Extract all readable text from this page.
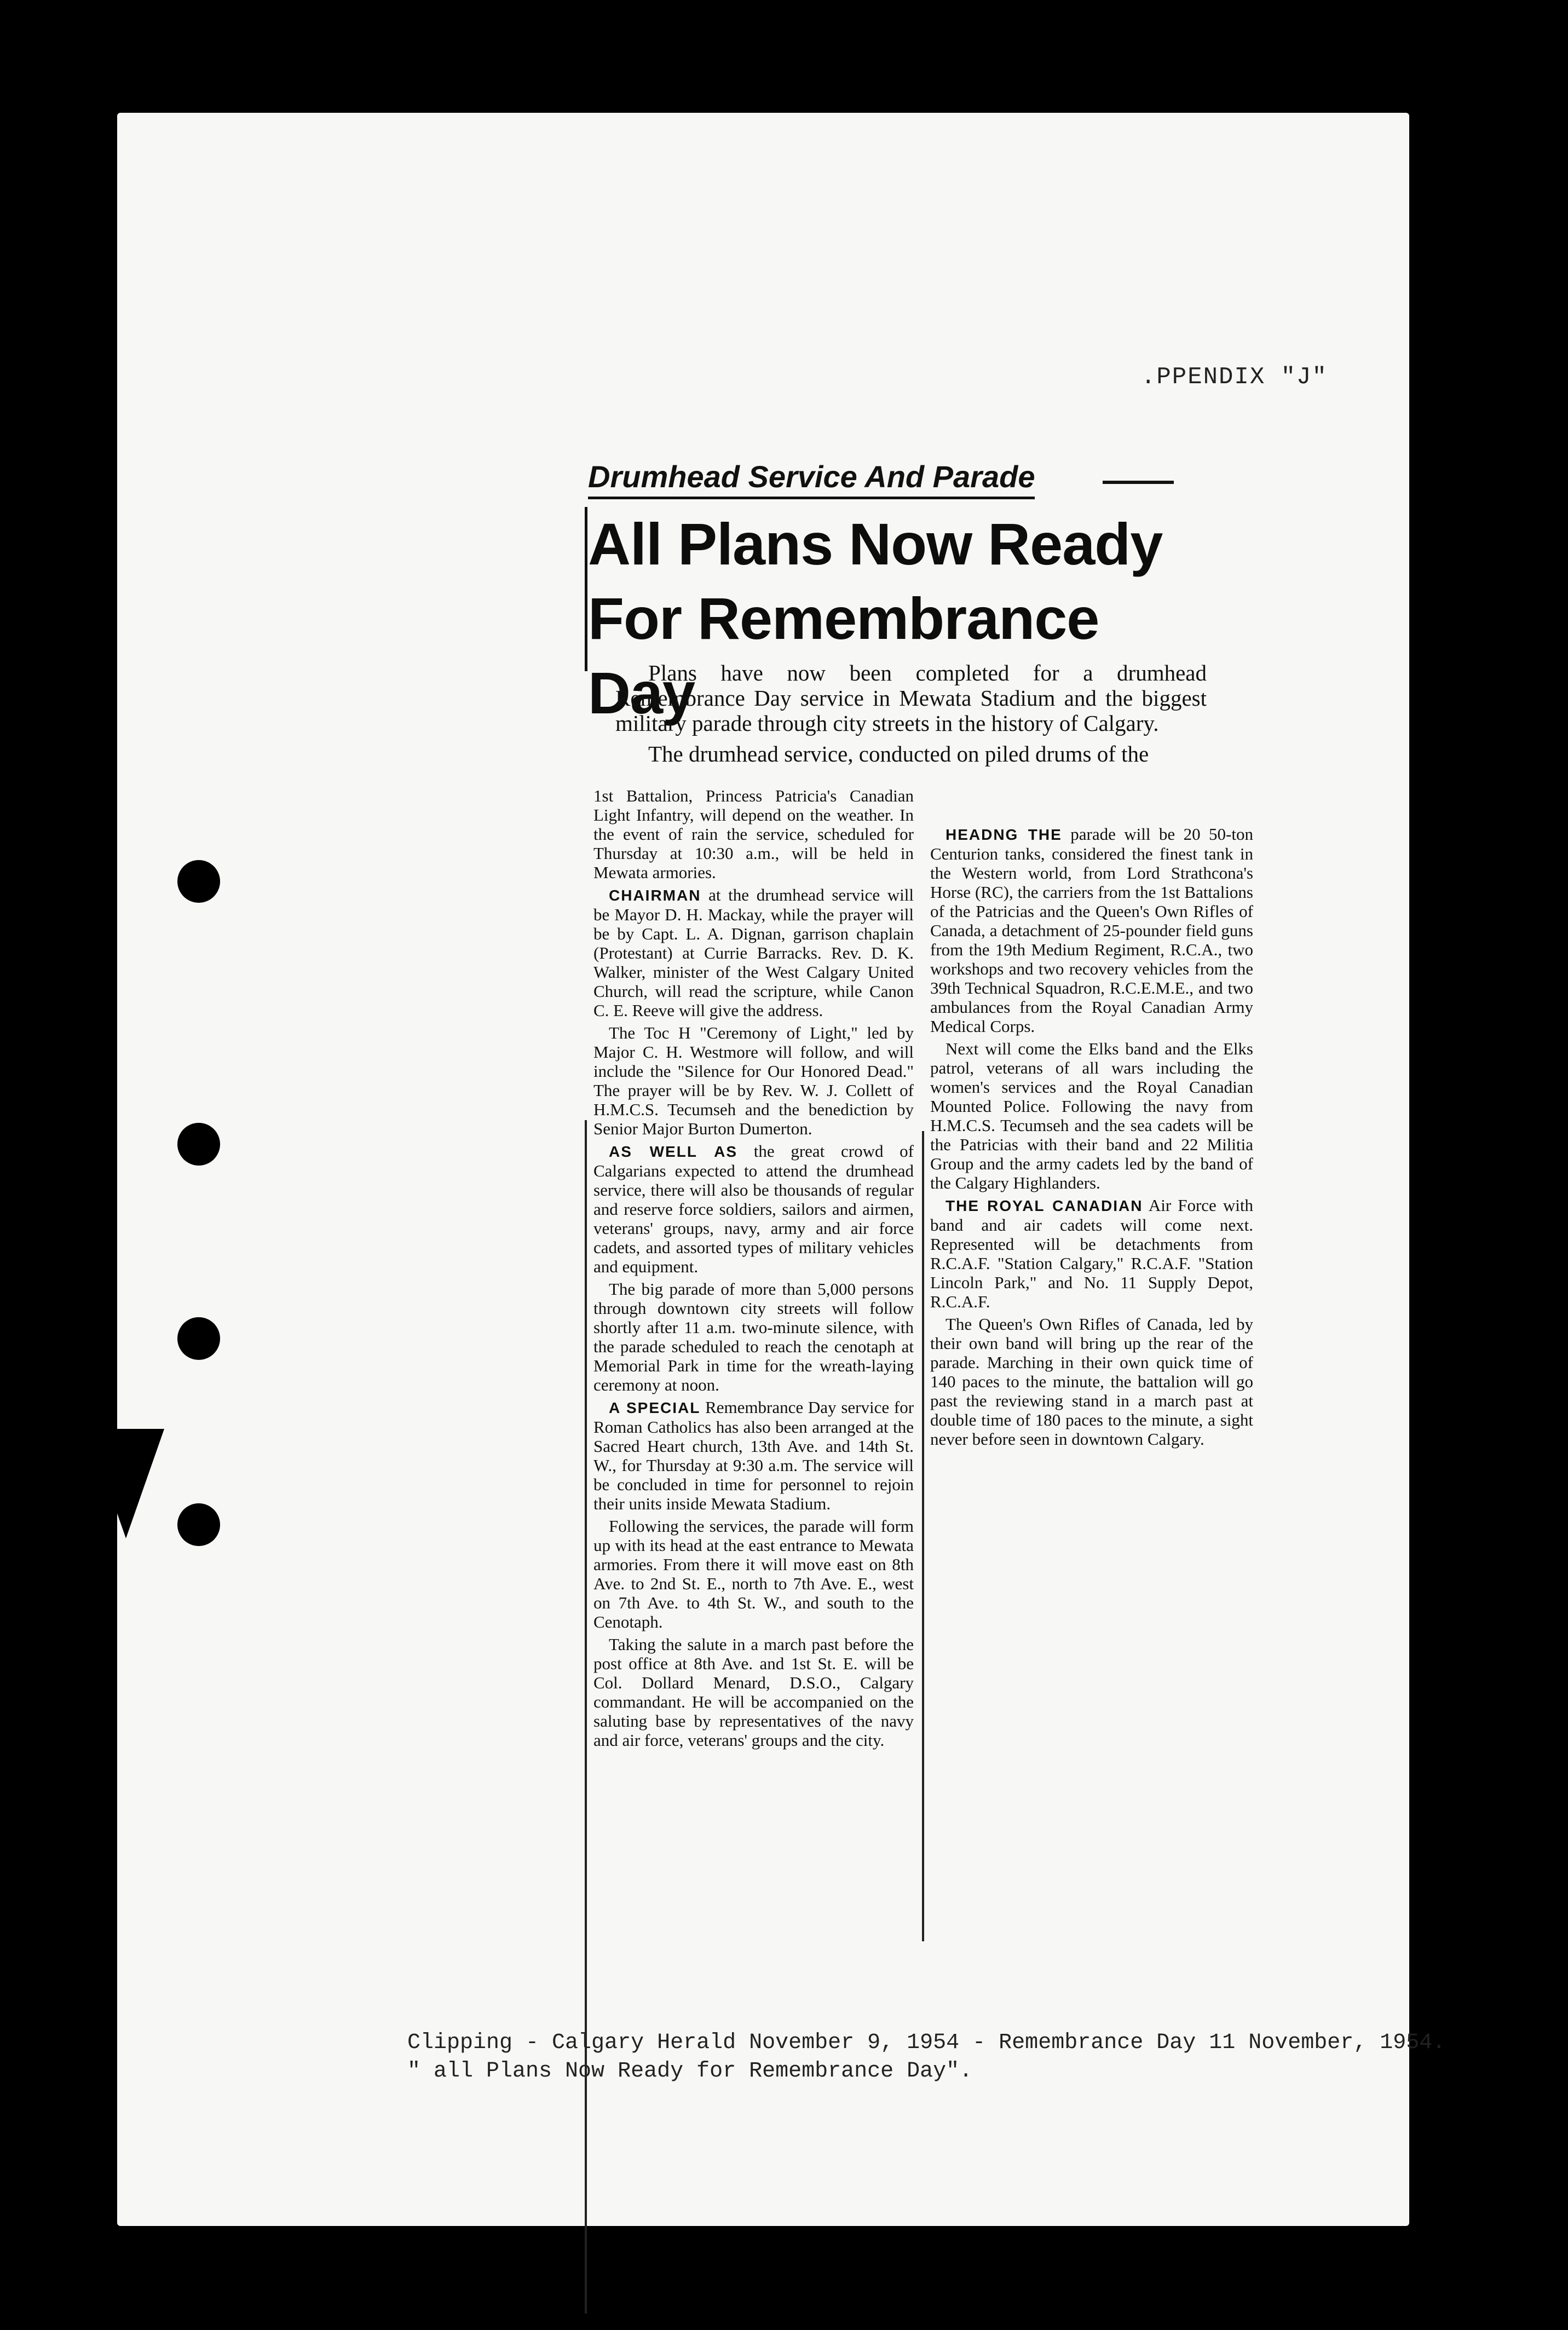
.PPENDIX "J"
Drumhead Service And Parade
All Plans Now Ready
For Remembrance Day

Plans have now been completed for a drumhead Remembrance Day service in Mewata Stadium and the biggest military parade through city streets in the history of Calgary.

The drumhead service, conducted on piled drums of the

1st Battalion, Princess Patricia's Canadian Light Infantry, will depend on the weather. In the event of rain the service, scheduled for Thursday at 10:30 a.m., will be held in Mewata armories.

CHAIRMAN at the drumhead service will be Mayor D. H. Mackay, while the prayer will be by Capt. L. A. Dignan, garrison chaplain (Protestant) at Currie Barracks. Rev. D. K. Walker, minister of the West Calgary United Church, will read the scripture, while Canon C. E. Reeve will give the address.

The Toc H "Ceremony of Light," led by Major C. H. Westmore will follow, and will include the "Silence for Our Honored Dead." The prayer will be by Rev. W. J. Collett of H.M.C.S. Tecumseh and the benediction by Senior Major Burton Dumerton.

AS WELL AS the great crowd of Calgarians expected to attend the drumhead service, there will also be thousands of regular and reserve force soldiers, sailors and airmen, veterans' groups, navy, army and air force cadets, and assorted types of military vehicles and equipment.

The big parade of more than 5,000 persons through downtown city streets will follow shortly after 11 a.m. two-minute silence, with the parade scheduled to reach the cenotaph at Memorial Park in time for the wreath-laying ceremony at noon.

A SPECIAL Remembrance Day service for Roman Catholics has also been arranged at the Sacred Heart church, 13th Ave. and 14th St. W., for Thursday at 9:30 a.m. The service will be concluded in time for personnel to rejoin their units inside Mewata Stadium.

Following the services, the parade will form up with its head at the east entrance to Mewata armories. From there it will move east on 8th Ave. to 2nd St. E., north to 7th Ave. E., west on 7th Ave. to 4th St. W., and south to the Cenotaph.

Taking the salute in a march past before the post office at 8th Ave. and 1st St. E. will be Col. Dollard Menard, D.S.O., Calgary commandant. He will be accompanied on the saluting base by representatives of the navy and air force, veterans' groups and the city.

HEADNG THE parade will be 20 50-ton Centurion tanks, considered the finest tank in the Western world, from Lord Strathcona's Horse (RC), the carriers from the 1st Battalions of the Patricias and the Queen's Own Rifles of Canada, a detachment of 25-pounder field guns from the 19th Medium Regiment, R.C.A., two workshops and two recovery vehicles from the 39th Technical Squadron, R.C.E.M.E., and two ambulances from the Royal Canadian Army Medical Corps.

Next will come the Elks band and the Elks patrol, veterans of all wars including the women's services and the Royal Canadian Mounted Police. Following the navy from H.M.C.S. Tecumseh and the sea cadets will be the Patricias with their band and 22 Militia Group and the army cadets led by the band of the Calgary Highlanders.

THE ROYAL CANADIAN Air Force with band and air cadets will come next. Represented will be detachments from R.C.A.F. "Station Calgary," R.C.A.F. "Station Lincoln Park," and No. 11 Supply Depot, R.C.A.F.

The Queen's Own Rifles of Canada, led by their own band will bring up the rear of the parade. Marching in their own quick time of 140 paces to the minute, the battalion will go past the reviewing stand in a march past at double time of 180 paces to the minute, a sight never before seen in downtown Calgary.

Clipping - Calgary Herald November 9, 1954 - Remembrance Day 11 November, 1954.
" all Plans Now Ready for Remembrance Day".
